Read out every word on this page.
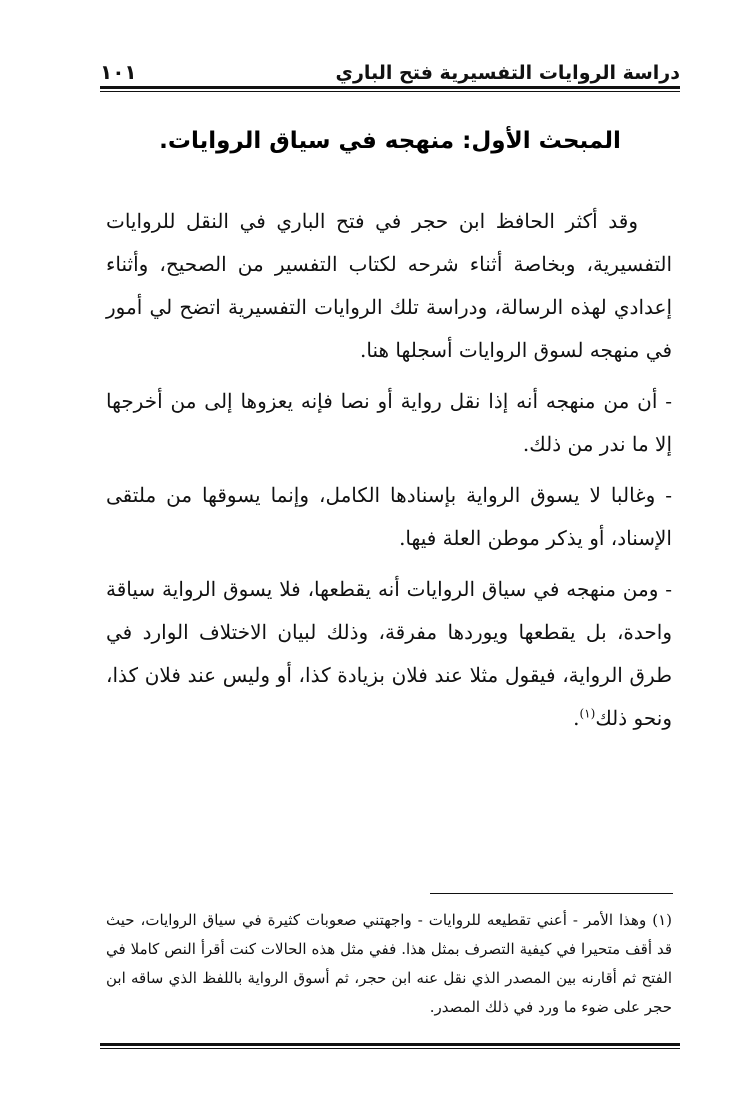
دراسة الروايات التفسيرية فتح الباري
١٠١
المبحث الأول: منهجه في سياق الروايات.

وقد أكثر الحافظ ابن حجر في فتح الباري في النقل للروايات التفسيرية، وبخاصة أثناء شرحه لكتاب التفسير من الصحيح، وأثناء إعدادي لهذه الرسالة، ودراسة تلك الروايات التفسيرية اتضح لي أمور في منهجه لسوق الروايات أسجلها هنا.

- أن من منهجه أنه إذا نقل رواية أو نصا فإنه يعزوها إلى من أخرجها إلا ما ندر من ذلك.

- وغالبا لا يسوق الرواية بإسنادها الكامل، وإنما يسوقها من ملتقى الإسناد، أو يذكر موطن العلة فيها.

- ومن منهجه في سياق الروايات أنه يقطعها، فلا يسوق الرواية سياقة واحدة، بل يقطعها ويوردها مفرقة، وذلك لبيان الاختلاف الوارد في طرق الرواية، فيقول مثلا عند فلان بزيادة كذا، أو وليس عند فلان كذا، ونحو ذلك$^{(١)}$.

(١) وهذا الأمر - أعني تقطيعه للروايات - واجهتني صعوبات كثيرة في سياق الروايات، حيث قد أقف متحيرا في كيفية التصرف بمثل هذا. ففي مثل هذه الحالات كنت أقرأ النص كاملا في الفتح ثم أقارنه بين المصدر الذي نقل عنه ابن حجر، ثم أسوق الرواية باللفظ الذي ساقه ابن حجر على ضوء ما ورد في ذلك المصدر.
